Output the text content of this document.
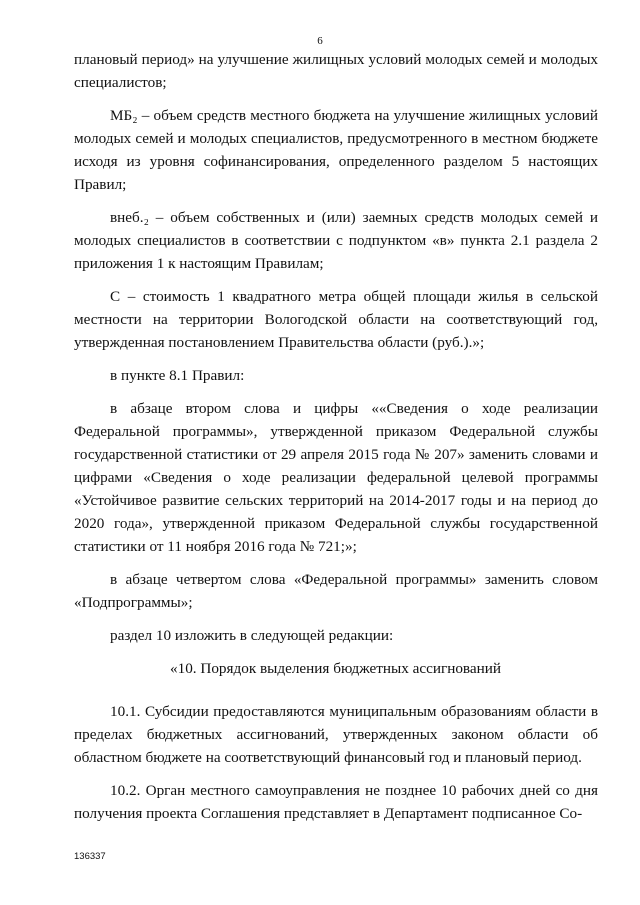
6

плановый период» на улучшение жилищных условий молодых семей и молодых специалистов;

МБ₂ – объем средств местного бюджета на улучшение жилищных условий молодых семей и молодых специалистов, предусмотренного в местном бюджете исходя из уровня софинансирования, определенного разделом 5 настоящих Правил;

внеб.₂ – объем собственных и (или) заемных средств молодых семей и молодых специалистов в соответствии с подпунктом «в» пункта 2.1 раздела 2 приложения 1 к настоящим Правилам;

С – стоимость 1 квадратного метра общей площади жилья в сельской местности на территории Вологодской области на соответствующий год, утвержденная постановлением Правительства области (руб.).»;

в пункте 8.1 Правил:

в абзаце втором слова и цифры ««Сведения о ходе реализации Федеральной программы», утвержденной приказом Федеральной службы государственной статистики от 29 апреля 2015 года № 207» заменить словами и цифрами «Сведения о ходе реализации федеральной целевой программы «Устойчивое развитие сельских территорий на 2014-2017 годы и на период до 2020 года», утвержденной приказом Федеральной службы государственной статистики от 11 ноября 2016 года № 721;»;

в абзаце четвертом слова «Федеральной программы» заменить словом «Подпрограммы»;

раздел 10 изложить в следующей редакции:

«10. Порядок выделения бюджетных ассигнований

10.1. Субсидии предоставляются муниципальным образованиям области в пределах бюджетных ассигнований, утвержденных законом области об областном бюджете на соответствующий финансовый год и плановый период.

10.2. Орган местного самоуправления не позднее 10 рабочих дней со дня получения проекта Соглашения представляет в Департамент подписанное Со-

136337
